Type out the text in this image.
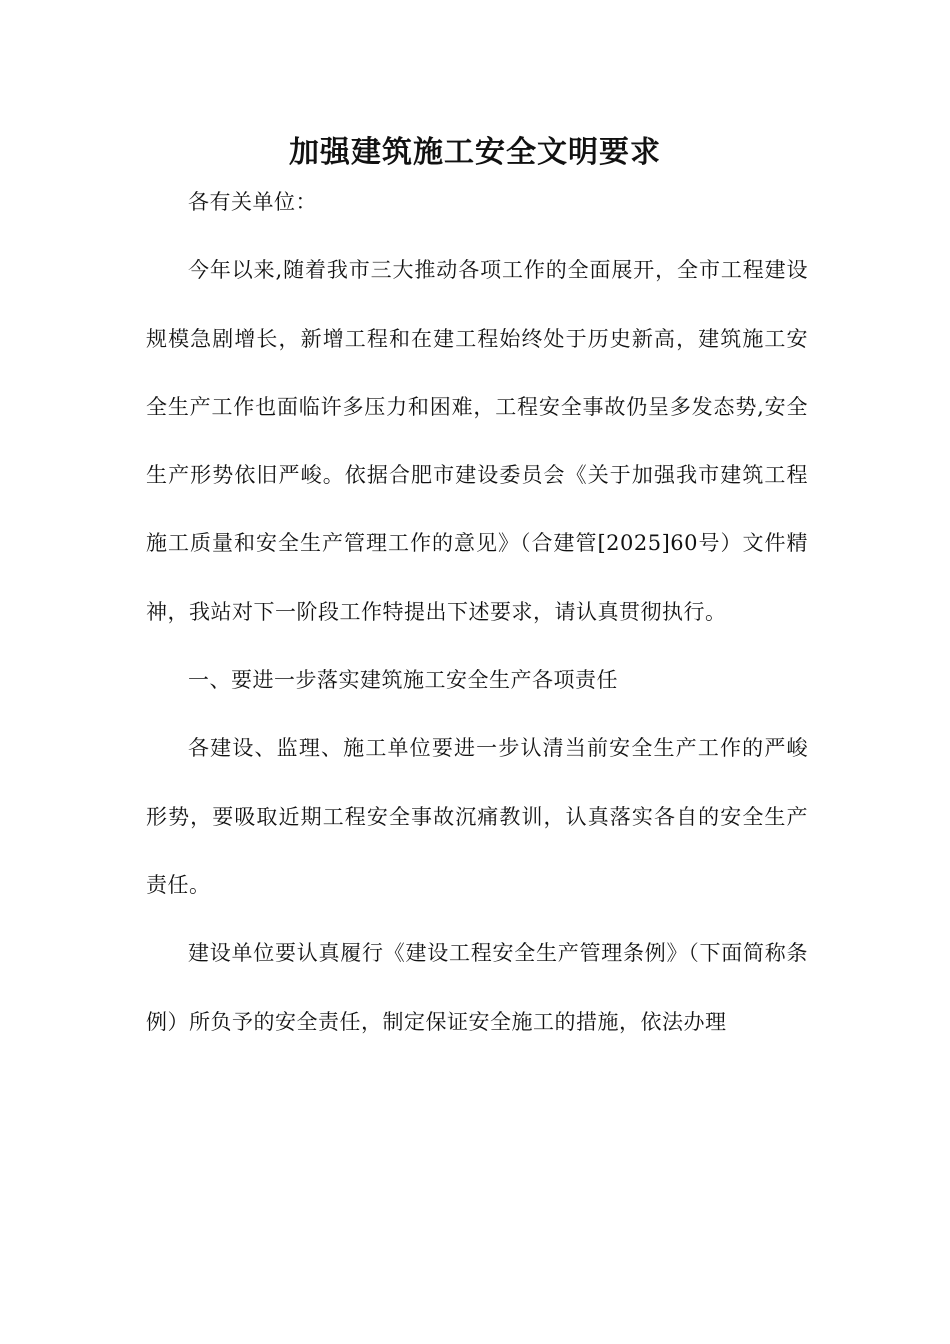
加强建筑施工安全文明要求

各有关单位：

今年以来,随着我市三大推动各项工作的全面展开，全市工程建设规模急剧增长，新增工程和在建工程始终处于历史新高，建筑施工安全生产工作也面临许多压力和困难，工程安全事故仍呈多发态势,安全生产形势依旧严峻。依据合肥市建设委员会《关于加强我市建筑工程施工质量和安全生产管理工作的意见》（合建管[2025]60号）文件精神，我站对下一阶段工作特提出下述要求，请认真贯彻执行。

一、要进一步落实建筑施工安全生产各项责任

各建设、监理、施工单位要进一步认清当前安全生产工作的严峻形势，要吸取近期工程安全事故沉痛教训，认真落实各自的安全生产责任。

建设单位要认真履行《建设工程安全生产管理条例》（下面简称条例）所负予的安全责任，制定保证安全施工的措施，依法办理
